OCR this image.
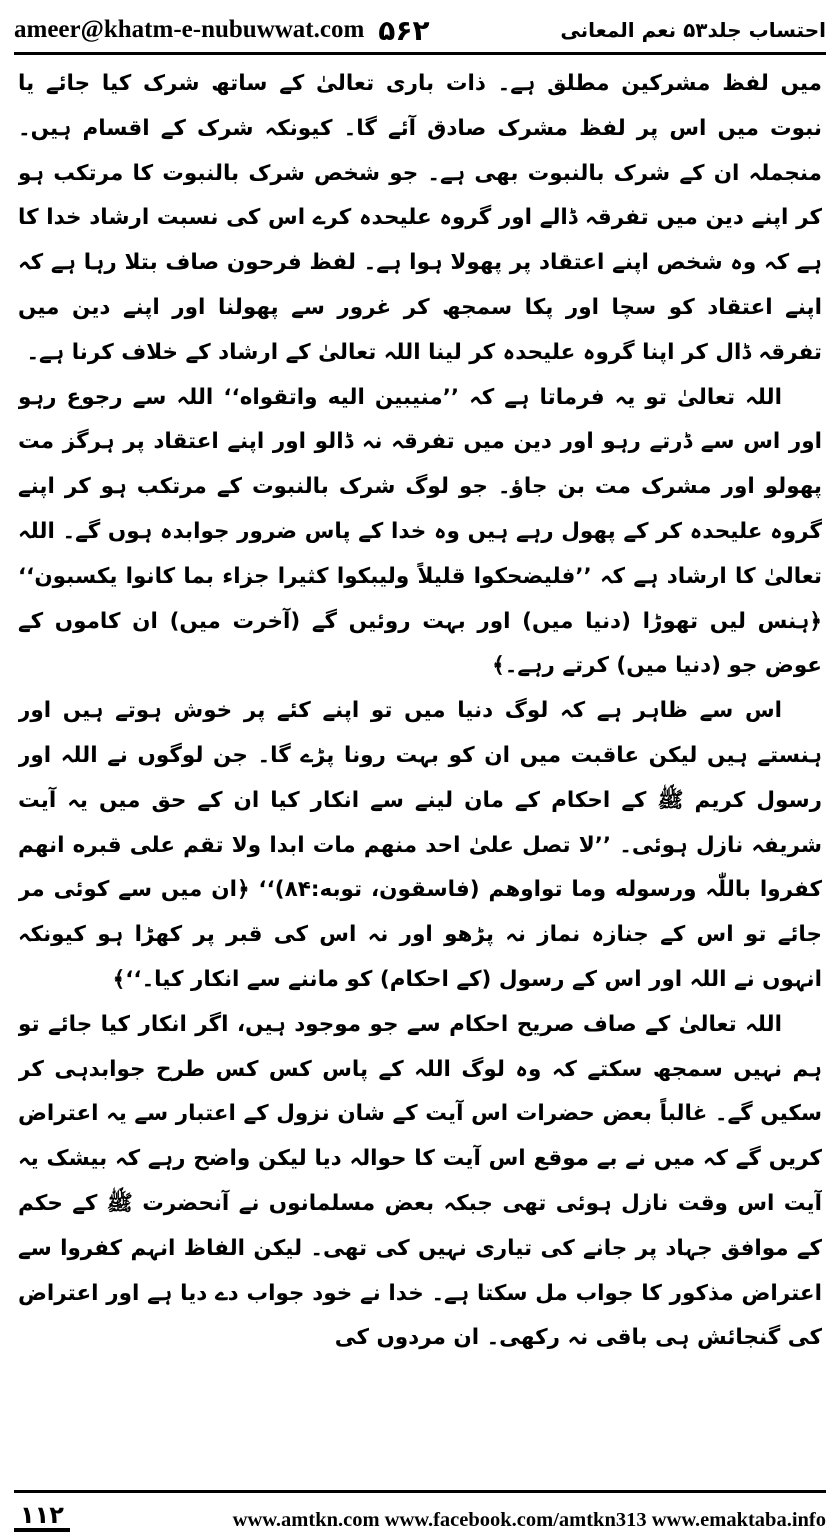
ameer@khatm-e-nubuwwat.com ۵۶۲	احتساب جلد۵۳ نعم المعانی

میں لفظ مشرکین مطلق ہے۔ ذات باری تعالیٰ کے ساتھ شرک کیا جائے یا نبوت میں اس پر لفظ مشرک صادق آئے گا۔ کیونکہ شرک کے اقسام ہیں۔ منجملہ ان کے شرک بالنبوت بھی ہے۔ جو شخص شرک بالنبوت کا مرتکب ہو کر اپنے دین میں تفرقہ ڈالے اور گروہ علیحدہ کرے اس کی نسبت ارشاد خدا کا ہے کہ وہ شخص اپنے اعتقاد پر پھولا ہوا ہے۔ لفظ فرحون صاف بتلا رہا ہے کہ اپنے اعتقاد کو سچا اور پکا سمجھ کر غرور سے پھولنا اور اپنے دین میں تفرقہ ڈال کر اپنا گروہ علیحدہ کر لینا اللہ تعالیٰ کے ارشاد کے خلاف کرنا ہے۔

اللہ تعالیٰ تو یہ فرماتا ہے کہ ’’منیبین الیه واتقواه‘‘ اللہ سے رجوع رہو اور اس سے ڈرتے رہو اور دین میں تفرقہ نہ ڈالو اور اپنے اعتقاد پر ہرگز مت پھولو اور مشرک مت بن جاؤ۔ جو لوگ شرک بالنبوت کے مرتکب ہو کر اپنے گروہ علیحدہ کر کے پھول رہے ہیں وہ خدا کے پاس ضرور جوابدہ ہوں گے۔ اللہ تعالیٰ کا ارشاد ہے کہ ’’فلیضحکوا قلیلاً ولیبکوا کثیرا جزاء بما کانوا یکسبون‘‘ ﴿ہنس لیں تھوڑا (دنیا میں) اور بہت روئیں گے (آخرت میں) ان کاموں کے عوض جو (دنیا میں) کرتے رہے۔﴾

اس سے ظاہر ہے کہ لوگ دنیا میں تو اپنے کئے پر خوش ہوتے ہیں اور ہنستے ہیں لیکن عاقبت میں ان کو بہت رونا پڑے گا۔ جن لوگوں نے اللہ اور رسول کریم ﷺ کے احکام کے مان لینے سے انکار کیا ان کے حق میں یہ آیت شریفہ نازل ہوئی۔ ’’لا تصل علیٰ احد منهم مات ابدا ولا تقم علی قبره انهم کفروا باللّٰہ ورسوله وما تواوهم (فاسقون، توبه:۸۴)‘‘ ﴿ان میں سے کوئی مر جائے تو اس کے جنازہ نماز نہ پڑھو اور نہ اس کی قبر پر کھڑا ہو کیونکہ انہوں نے اللہ اور اس کے رسول (کے احکام) کو ماننے سے انکار کیا۔‘‘﴾

اللہ تعالیٰ کے صاف صریح احکام سے جو موجود ہیں، اگر انکار کیا جائے تو ہم نہیں سمجھ سکتے کہ وہ لوگ اللہ کے پاس کس کس طرح جوابدہی کر سکیں گے۔ غالباً بعض حضرات اس آیت کے شان نزول کے اعتبار سے یہ اعتراض کریں گے کہ میں نے بے موقع اس آیت کا حوالہ دیا لیکن واضح رہے کہ بیشک یہ آیت اس وقت نازل ہوئی تھی جبکہ بعض مسلمانوں نے آنحضرت ﷺ کے حکم کے موافق جہاد پر جانے کی تیاری نہیں کی تھی۔ لیکن الفاظ انہم کفروا سے اعتراض مذکور کا جواب مل سکتا ہے۔ خدا نے خود جواب دے دیا ہے اور اعتراض کی گنجائش ہی باقی نہ رکھی۔ ان مردوں کی

۱۱۲	www.amtkn.com www.facebook.com/amtkn313 www.emaktaba.info
